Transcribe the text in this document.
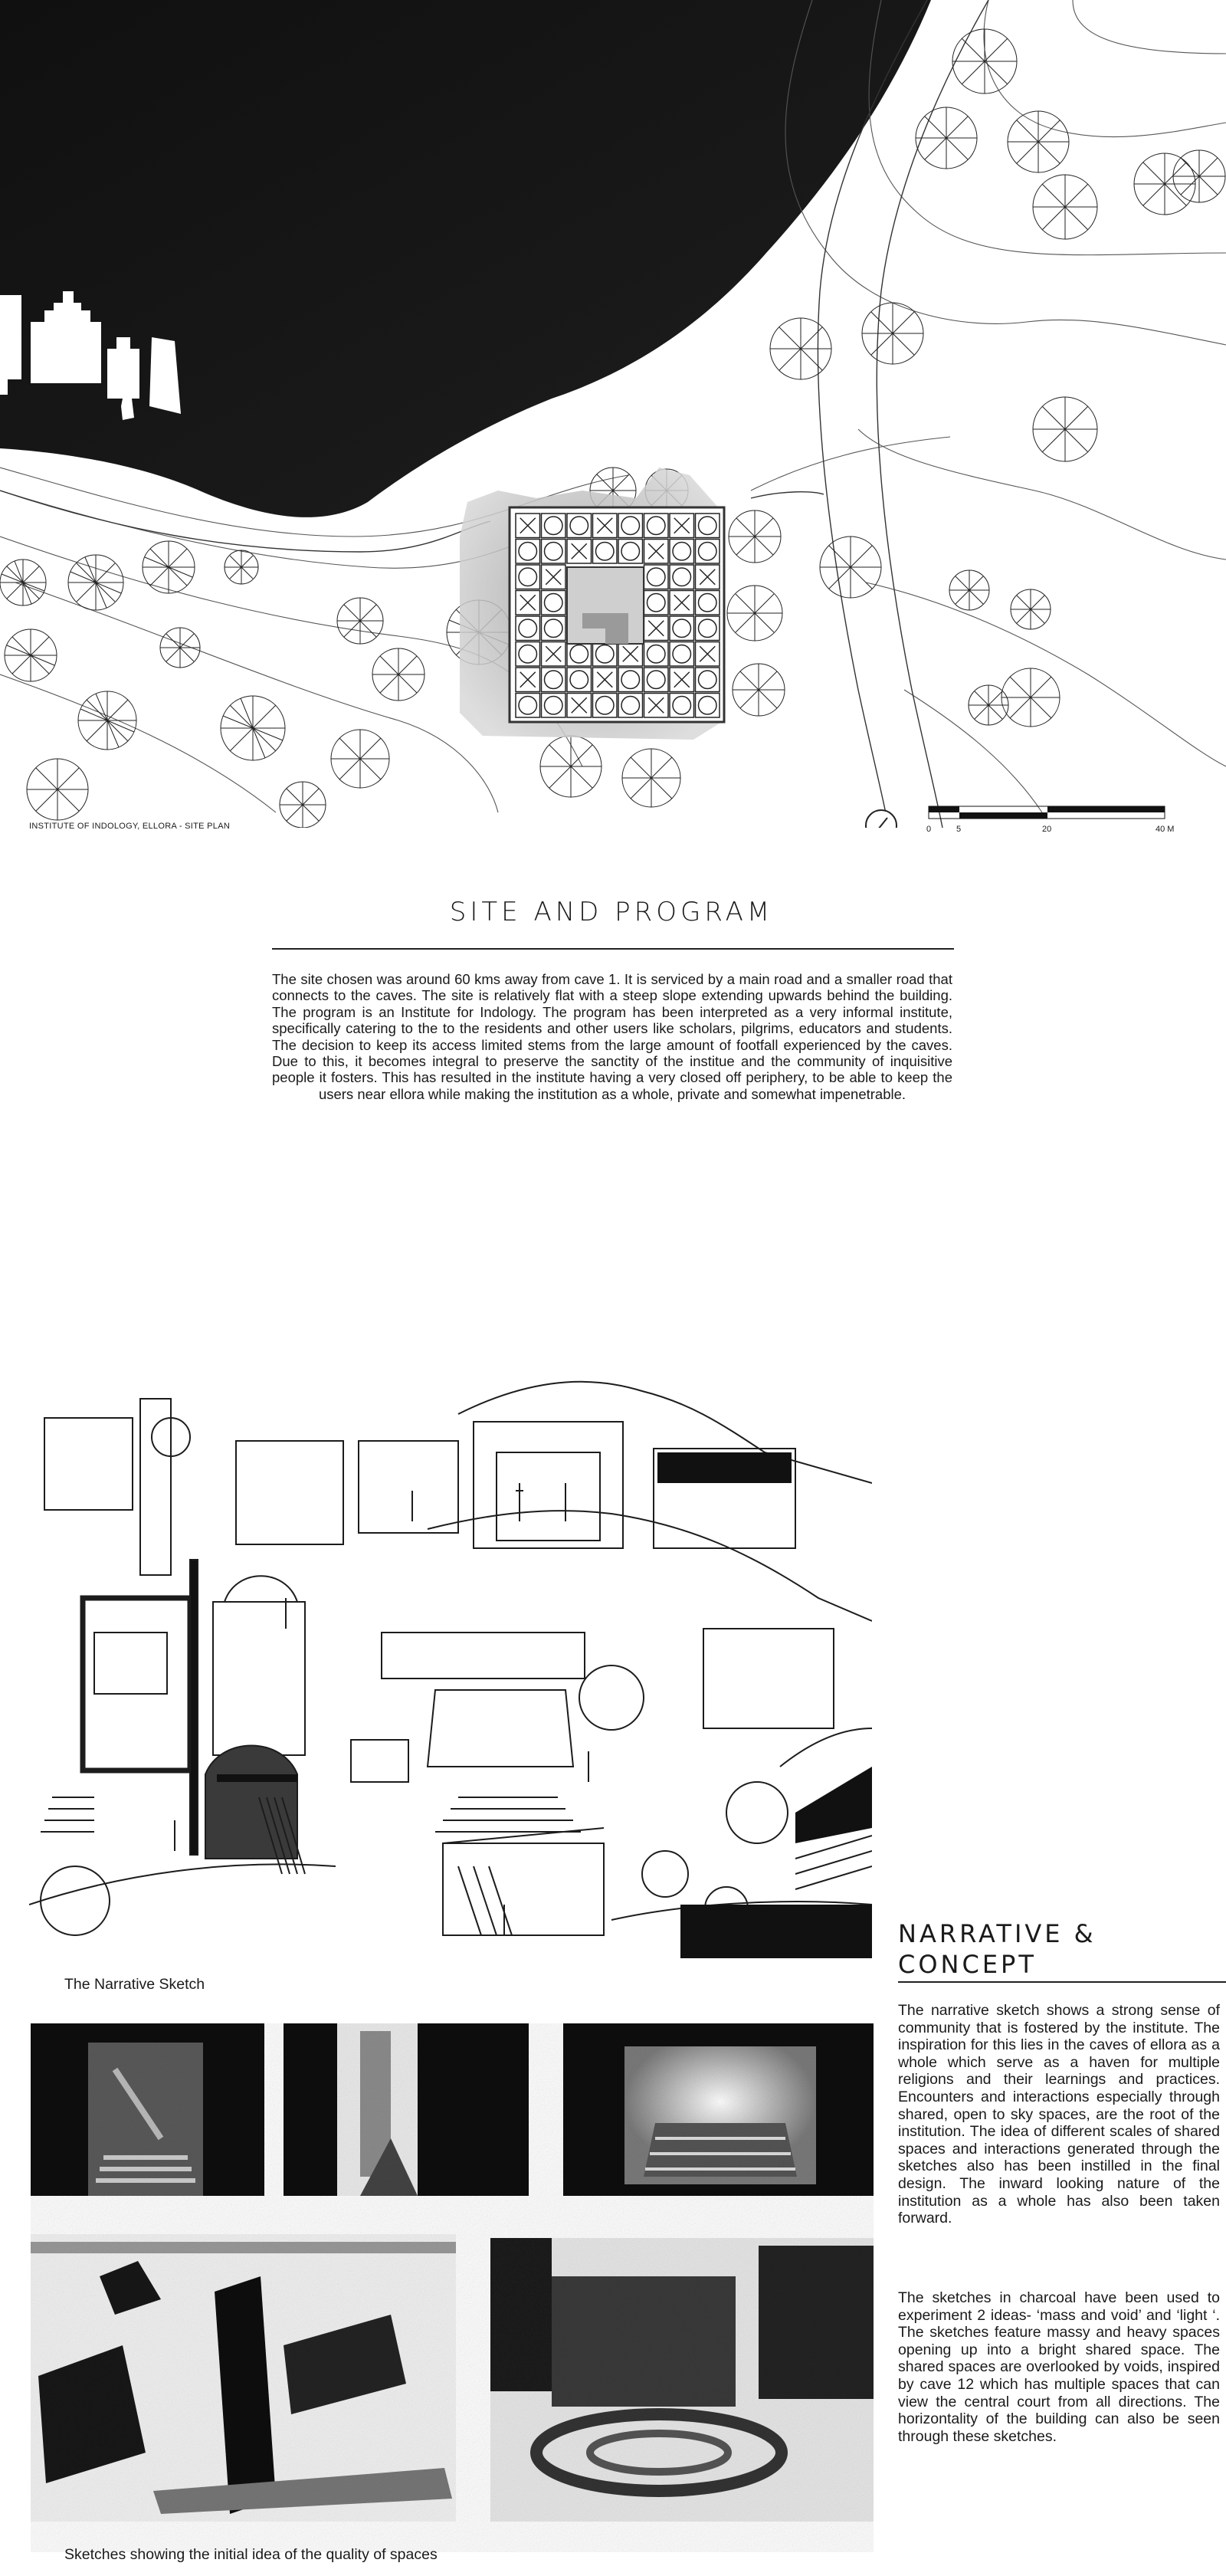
INSTITUTE OF INDOLOGY, ELLORA - SITE PLAN	0	5	20	40 M
SITE AND PROGRAM
The site chosen was around 60 kms away from cave 1. It is serviced by a main road and a smaller road that connects to the caves. The site is relatively flat with a steep slope extending upwards behind the building. The program is an Institute for Indology. The program has been interpreted as a very informal institute, specifically catering to the to the residents and other users like scholars, pilgrims, educators and students. The decision to keep its access limited stems from the large amount of footfall experienced by the caves. Due to this, it becomes integral to preserve the sanctity of the institue and the community of inquisitive people it fosters. This has resulted in the institute having a very closed off periphery, to be able to keep the users near ellora while making the institution as a whole, private and somewhat impenetrable.
The Narrative Sketch
NARRATIVE &
CONCEPT
The narrative sketch shows a strong sense of community that is fostered by the institute. The inspiration for this lies in the caves of ellora as a whole which serve as a haven for multiple religions and their learnings and practices. Encounters and interactions especially through shared, open to sky spaces, are the root of the institution. The idea of different scales of shared spaces and interactions generated through the sketches also has been instilled in the final design. The inward looking nature of the institution as a whole has also been taken forward.
The sketches in charcoal have been used to experiment 2 ideas- ‘mass and void’ and ‘light ‘. The sketches feature massy and heavy spaces opening up into a bright shared space. The shared spaces are overlooked by voids, inspired by cave 12 which has multiple spaces that can view the central court from all directions. The horizontality of the building can also be seen through these sketches.
Sketches showing the initial idea of the quality of spaces
